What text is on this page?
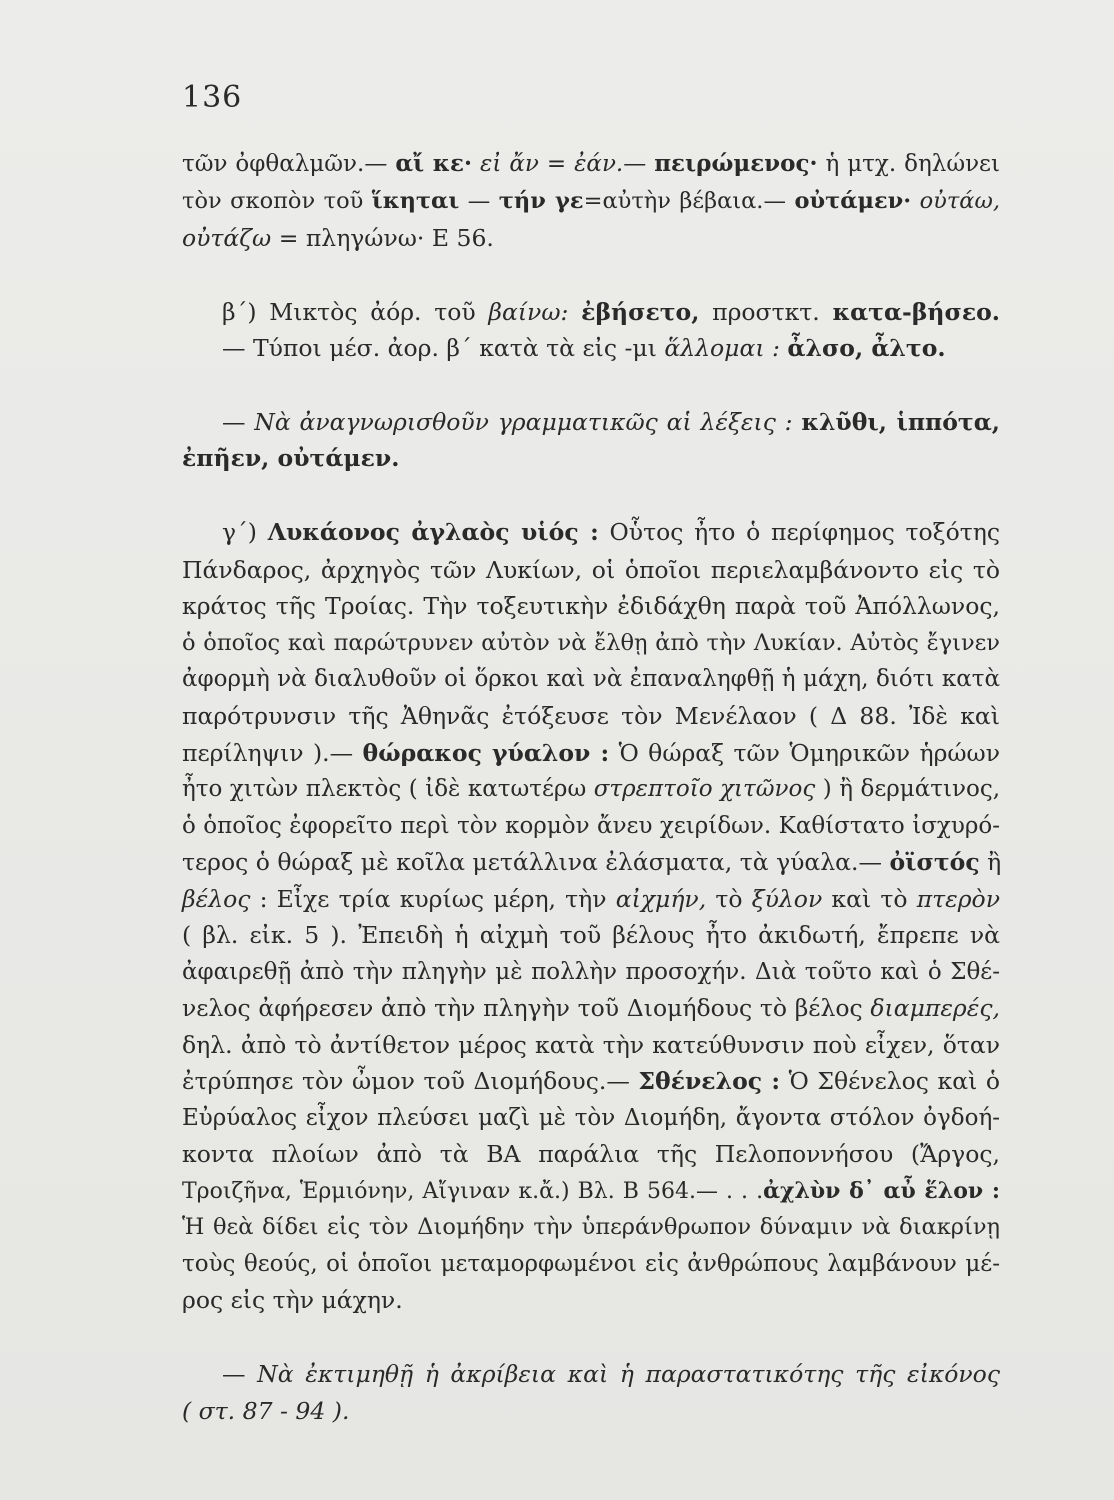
136
τῶν ὀφθαλμῶν.— αἴ κε· εἰ ἄν = ἐάν.— πειρώμενος· ἡ μτχ. δηλώνει
τὸν σκοπὸν τοῦ ἵκηται — τήν γε=αὐτὴν βέβαια.— οὐτάμεν· οὐτάω,
οὐτάζω = πληγώνω· Ε 56.
β΄) Μικτὸς ἀόρ. τοῦ βαίνω: ἐβήσετο, προστκτ. κατα-βήσεο.
— Τύποι μέσ. ἀορ. β΄ κατὰ τὰ εἰς -μι ἅλλομαι : ἆλσο, ἆλτο.
— Νὰ ἀναγνωρισθοῦν γραμματικῶς αἱ λέξεις : κλῦθι, ἱππότα,
ἐπῆεν, οὐτάμεν.
γ΄) Λυκάονος ἀγλαὸς υἱός : Οὗτος ἦτο ὁ περίφημος τοξότης
Πάνδαρος, ἀρχηγὸς τῶν Λυκίων, οἱ ὁποῖοι περιελαμβάνοντο εἰς τὸ
κράτος τῆς Τροίας. Τὴν τοξευτικὴν ἐδιδάχθη παρὰ τοῦ Ἀπόλλωνος,
ὁ ὁποῖος καὶ παρώτρυνεν αὐτὸν νὰ ἔλθῃ ἀπὸ τὴν Λυκίαν. Αὐτὸς ἔγινεν
ἀφορμὴ νὰ διαλυθοῦν οἱ ὅρκοι καὶ νὰ ἐπαναληφθῇ ἡ μάχη, διότι κατὰ
παρότρυνσιν τῆς Ἀθηνᾶς ἐτόξευσε τὸν Μενέλαον ( Δ 88. Ἰδὲ καὶ
περίληψιν ).— θώρακος γύαλον : Ὁ θώραξ τῶν Ὁμηρικῶν ἡρώων
ἦτο χιτὼν πλεκτὸς ( ἰδὲ κατωτέρω στρεπτοῖο χιτῶνος ) ἢ δερμάτινος,
ὁ ὁποῖος ἐφορεῖτο περὶ τὸν κορμὸν ἄνευ χειρίδων. Καθίστατο ἰσχυρό-
τερος ὁ θώραξ μὲ κοῖλα μετάλλινα ἐλάσματα, τὰ γύαλα.— ὀϊστός ἢ
βέλος : Εἶχε τρία κυρίως μέρη, τὴν αἰχμήν, τὸ ξύλον καὶ τὸ πτερὸν
( βλ. εἰκ. 5 ). Ἐπειδὴ ἡ αἰχμὴ τοῦ βέλους ἦτο ἀκιδωτή, ἔπρεπε νὰ
ἀφαιρεθῇ ἀπὸ τὴν πληγὴν μὲ πολλὴν προσοχήν. Διὰ τοῦτο καὶ ὁ Σθέ-
νελος ἀφήρεσεν ἀπὸ τὴν πληγὴν τοῦ Διομήδους τὸ βέλος διαμπερές,
δηλ. ἀπὸ τὸ ἀντίθετον μέρος κατὰ τὴν κατεύθυνσιν ποὺ εἶχεν, ὅταν
ἐτρύπησε τὸν ὦμον τοῦ Διομήδους.— Σθένελος : Ὁ Σθένελος καὶ ὁ
Εὐρύαλος εἶχον πλεύσει μαζὶ μὲ τὸν Διομήδη, ἄγοντα στόλον ὀγδοή-
κοντα πλοίων ἀπὸ τὰ ΒΑ παράλια τῆς Πελοποννήσου (Ἄργος,
Τροιζῆνα, Ἑρμιόνην, Αἴγιναν κ.ἄ.) Βλ. Β 564.— . . .ἀχλὺν δ᾽ αὖ ἕλον :
Ἡ θεὰ δίδει εἰς τὸν Διομήδην τὴν ὑπεράνθρωπον δύναμιν νὰ διακρίνῃ
τοὺς θεούς, οἱ ὁποῖοι μεταμορφωμένοι εἰς ἀνθρώπους λαμβάνουν μέ-
ρος εἰς τὴν μάχην.
— Νὰ ἐκτιμηθῇ ἡ ἀκρίβεια καὶ ἡ παραστατικότης τῆς εἰκόνος
( στ. 87 - 94 ).
